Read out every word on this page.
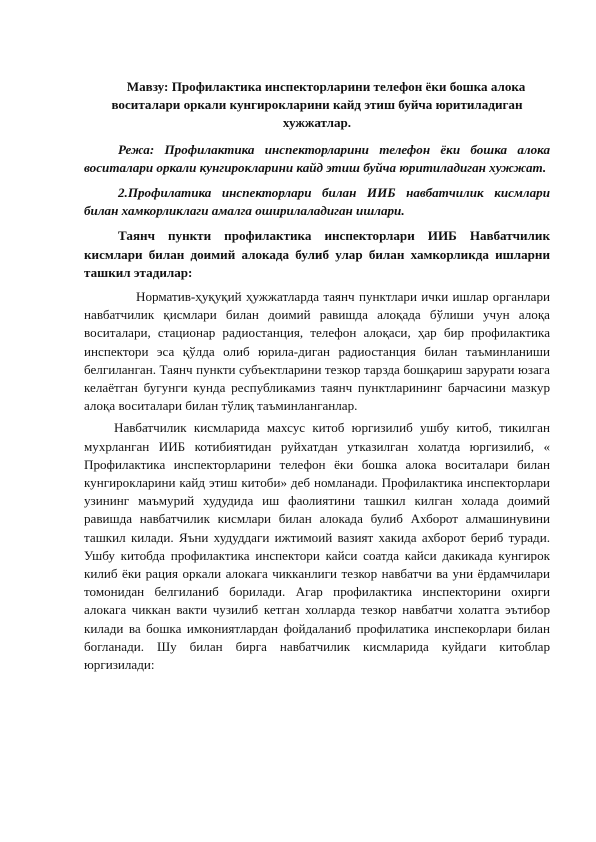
Мавзу: Профилактика инспекторларини телефон ёки бошка алока воситалари оркали кунгирокларини кайд этиш буйча юритиладиган хужжатлар.

Режа: Профилактика инспекторларини телефон ёки бошка алока воситалари оркали кунгирокларини кайд этиш буйча юритиладиган хужжат.

2.Профилатика инспекторлари билан ИИБ навбатчилик кисмлари билан хамкорликлаги амалга оширилаладиган ишлари.

Таянч пункти профилактика инспекторлари ИИБ Навбатчилик кисмлари билан доимий алокада булиб улар билан хамкорликда ишларни ташкил этадилар:

Норматив-ҳуқуқий ҳужжатларда таянч пунктлари ички ишлар органлари навбатчилик қисмлари билан доимий равишда алоқада бўлиши учун алоқа воситалари, стационар радиостанция, телефон алоқаси, ҳар бир профилактика инспектори эса қўлда олиб юрила-диган радиостанция билан таъминланиши белгиланган. Таянч пункти субъектларини тезкор тарзда бошқариш зарурати юзага келаётган бугунги кунда республикамиз таянч пунктларининг барчасини мазкур алоқа воситалари билан тўлиқ таъминланганлар.

Навбатчилик кисмларида махсус китоб юргизилиб ушбу китоб, тикилган мухрланган ИИБ котибиятидан руйхатдан утказилган холатда юргизилиб, « Профилактика инспекторларини телефон ёки бошка алока воситалари билан кунгирокларини кайд этиш китоби» деб номланади. Профилактика инспекторлари узининг маъмурий худудида иш фаолиятини ташкил килган холада доимий равишда навбатчилик кисмлари билан алокада булиб Ахборот алмашинувини ташкил килади. Яъни худуддаги ижтимоий вазият хакида ахборот бериб туради. Ушбу китобда профилактика инспектори кайси соатда кайси дакикада кунгирок килиб ёки рация оркали алокага чикканлиги тезкор навбатчи ва уни ёрдамчилари томонидан белгиланиб борилади. Агар профилактика инспекторини охирги алокага чиккан вакти чузилиб кетган холларда тезкор навбатчи холатга эътибор килади ва бошка имкониятлардан фойдаланиб профилатика инспекорлари билан богланади. Шу билан бирга навбатчилик кисмларида куйдаги китоблар юргизилади:
